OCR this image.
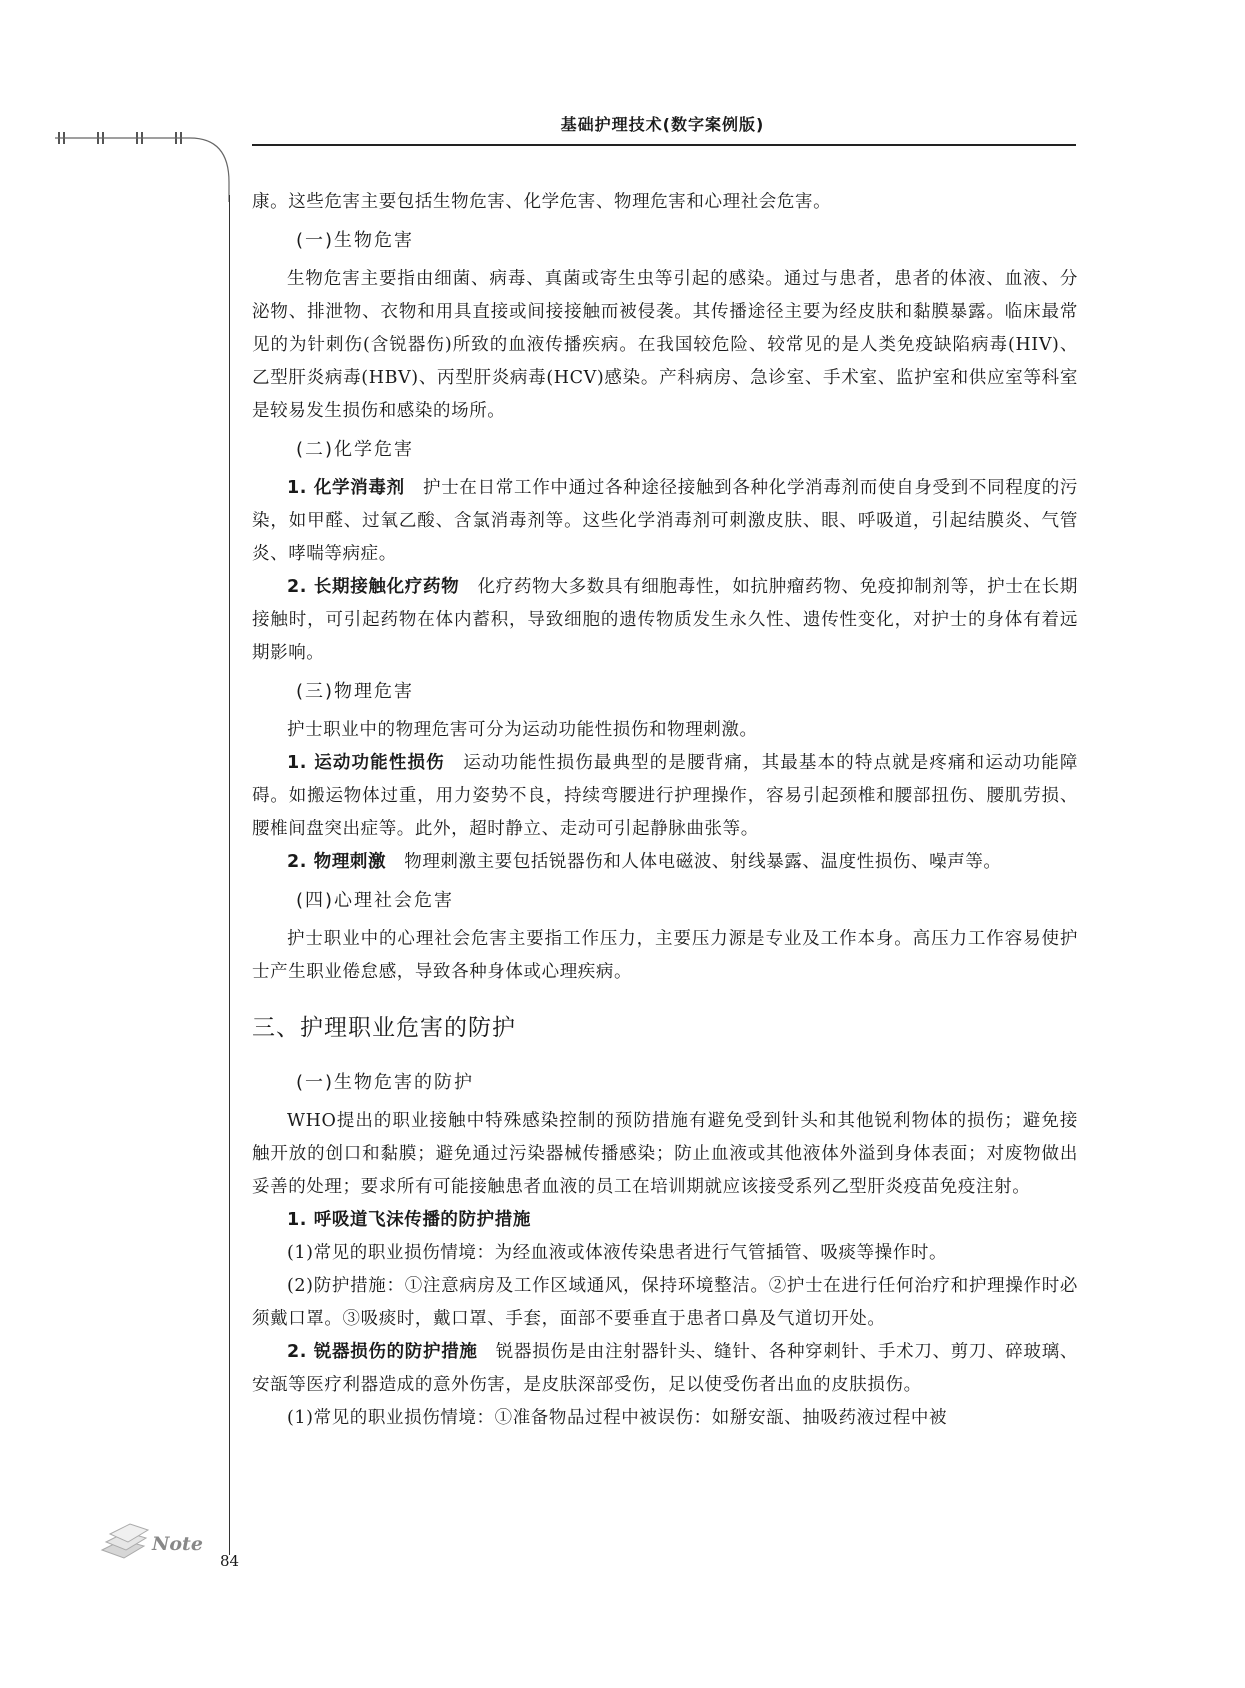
基础护理技术(数字案例版)

康。这些危害主要包括生物危害、化学危害、物理危害和心理社会危害。

(一)生物危害

生物危害主要指由细菌、病毒、真菌或寄生虫等引起的感染。通过与患者，患者的体液、血液、分泌物、排泄物、衣物和用具直接或间接接触而被侵袭。其传播途径主要为经皮肤和黏膜暴露。临床最常见的为针刺伤(含锐器伤)所致的血液传播疾病。在我国较危险、较常见的是人类免疫缺陷病毒(HIV)、乙型肝炎病毒(HBV)、丙型肝炎病毒(HCV)感染。产科病房、急诊室、手术室、监护室和供应室等科室是较易发生损伤和感染的场所。

(二)化学危害

1. 化学消毒剂　 护士在日常工作中通过各种途径接触到各种化学消毒剂而使自身受到不同程度的污染，如甲醛、过氧乙酸、含氯消毒剂等。这些化学消毒剂可刺激皮肤、眼、呼吸道，引起结膜炎、气管炎、哮喘等病症。

2. 长期接触化疗药物　 化疗药物大多数具有细胞毒性，如抗肿瘤药物、免疫抑制剂等，护士在长期接触时，可引起药物在体内蓄积，导致细胞的遗传物质发生永久性、遗传性变化，对护士的身体有着远期影响。

(三)物理危害

护士职业中的物理危害可分为运动功能性损伤和物理刺激。

1. 运动功能性损伤　 运动功能性损伤最典型的是腰背痛，其最基本的特点就是疼痛和运动功能障碍。如搬运物体过重，用力姿势不良，持续弯腰进行护理操作，容易引起颈椎和腰部扭伤、腰肌劳损、腰椎间盘突出症等。此外，超时静立、走动可引起静脉曲张等。

2. 物理刺激　 物理刺激主要包括锐器伤和人体电磁波、射线暴露、温度性损伤、噪声等。

(四)心理社会危害

护士职业中的心理社会危害主要指工作压力，主要压力源是专业及工作本身。高压力工作容易使护士产生职业倦怠感，导致各种身体或心理疾病。

三、护理职业危害的防护
(一)生物危害的防护

WHO提出的职业接触中特殊感染控制的预防措施有避免受到针头和其他锐利物体的损伤；避免接触开放的创口和黏膜；避免通过污染器械传播感染；防止血液或其他液体外溢到身体表面；对废物做出妥善的处理；要求所有可能接触患者血液的员工在培训期就应该接受系列乙型肝炎疫苗免疫注射。

1. 呼吸道飞沫传播的防护措施

(1)常见的职业损伤情境：为经血液或体液传染患者进行气管插管、吸痰等操作时。

(2)防护措施：①注意病房及工作区域通风，保持环境整洁。②护士在进行任何治疗和护理操作时必须戴口罩。③吸痰时，戴口罩、手套，面部不要垂直于患者口鼻及气道切开处。

2. 锐器损伤的防护措施　 锐器损伤是由注射器针头、缝针、各种穿刺针、手术刀、剪刀、碎玻璃、安瓿等医疗利器造成的意外伤害，是皮肤深部受伤，足以使受伤者出血的皮肤损伤。

(1)常见的职业损伤情境：①准备物品过程中被误伤：如掰安瓿、抽吸药液过程中被

Note
84
